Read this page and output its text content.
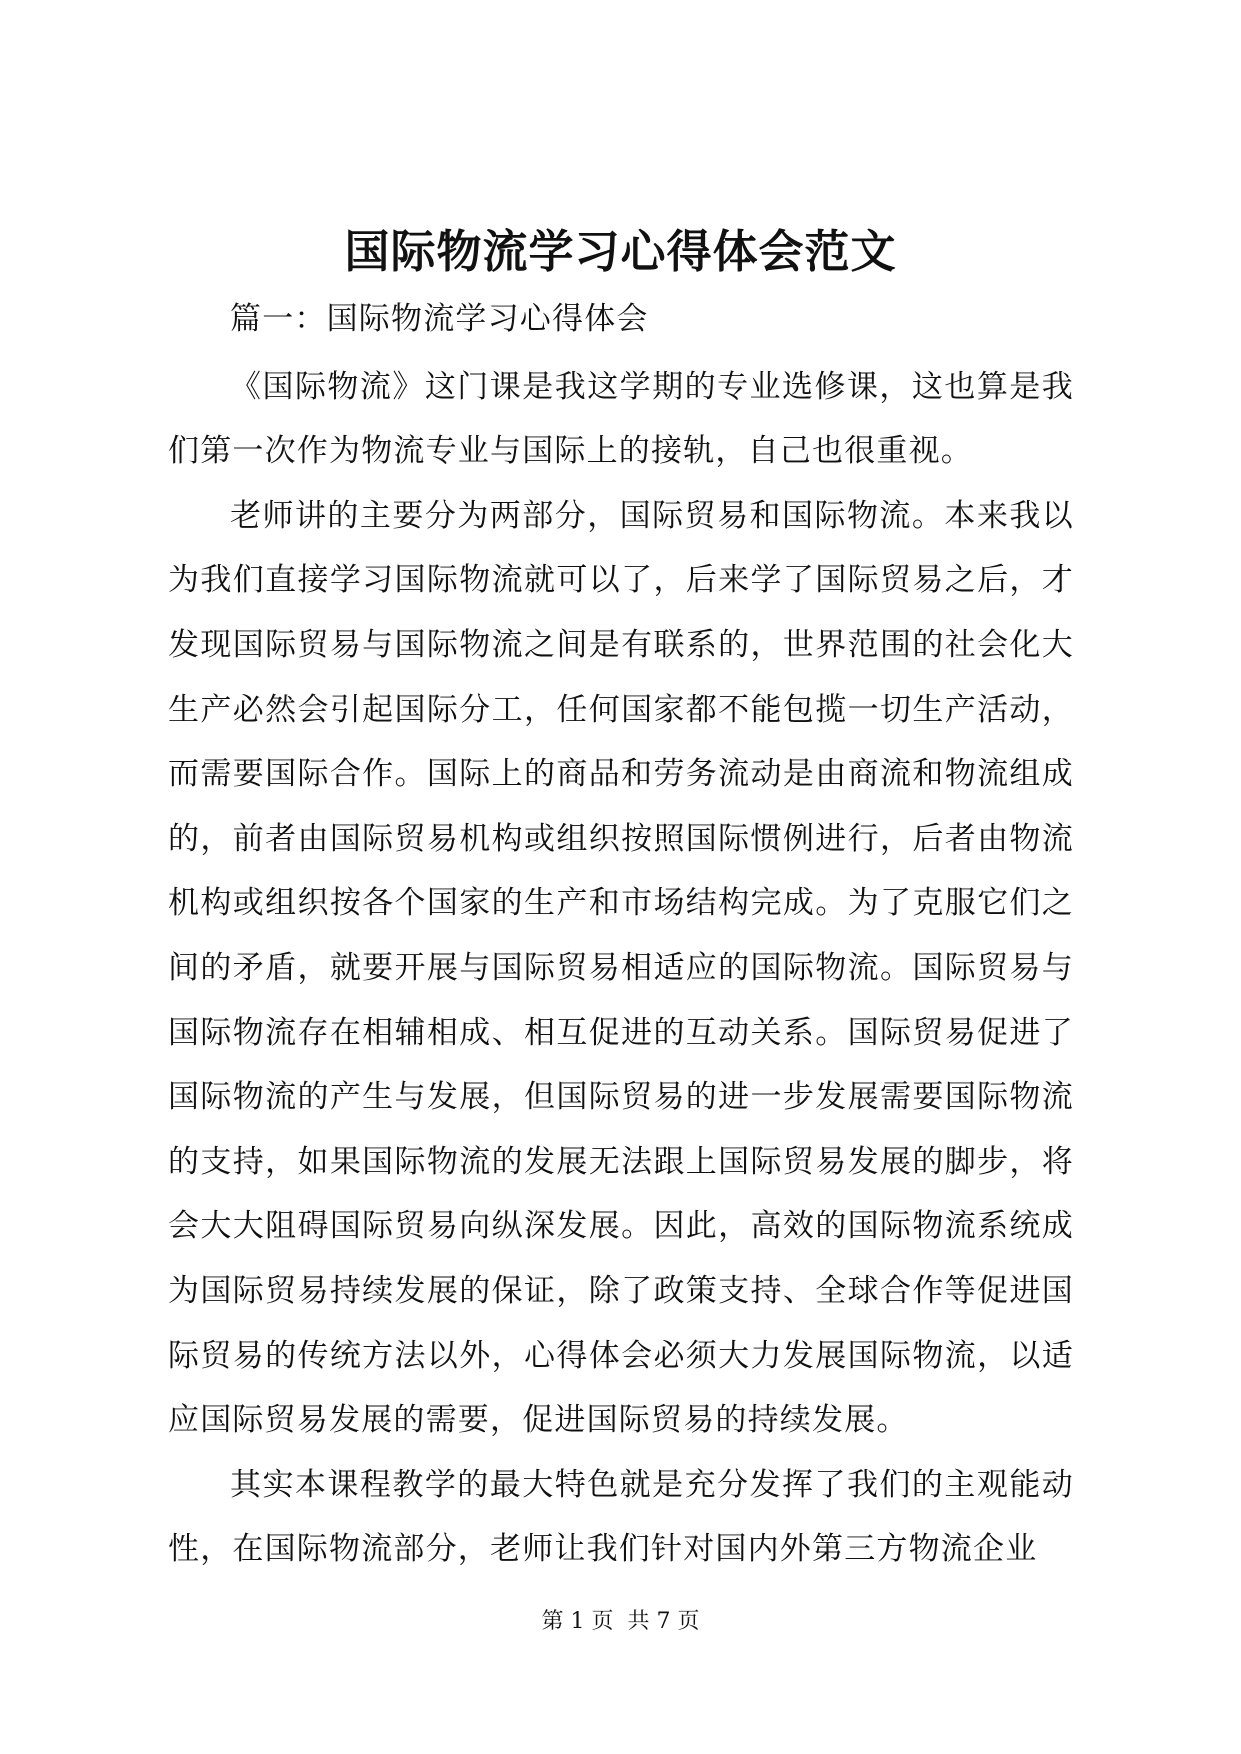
国际物流学习心得体会范文

篇一：国际物流学习心得体会

《国际物流》这门课是我这学期的专业选修课，这也算是我们第一次作为物流专业与国际上的接轨，自己也很重视。

老师讲的主要分为两部分，国际贸易和国际物流。本来我以为我们直接学习国际物流就可以了，后来学了国际贸易之后，才发现国际贸易与国际物流之间是有联系的，世界范围的社会化大生产必然会引起国际分工，任何国家都不能包揽一切生产活动，而需要国际合作。国际上的商品和劳务流动是由商流和物流组成的，前者由国际贸易机构或组织按照国际惯例进行，后者由物流机构或组织按各个国家的生产和市场结构完成。为了克服它们之间的矛盾，就要开展与国际贸易相适应的国际物流。国际贸易与国际物流存在相辅相成、相互促进的互动关系。国际贸易促进了国际物流的产生与发展，但国际贸易的进一步发展需要国际物流的支持，如果国际物流的发展无法跟上国际贸易发展的脚步，将会大大阻碍国际贸易向纵深发展。因此，高效的国际物流系统成为国际贸易持续发展的保证，除了政策支持、全球合作等促进国际贸易的传统方法以外，心得体会必须大力发展国际物流，以适应国际贸易发展的需要，促进国际贸易的持续发展。

其实本课程教学的最大特色就是充分发挥了我们的主观能动性，在国际物流部分，老师让我们针对国内外第三方物流企业

第 1 页  共 7 页
